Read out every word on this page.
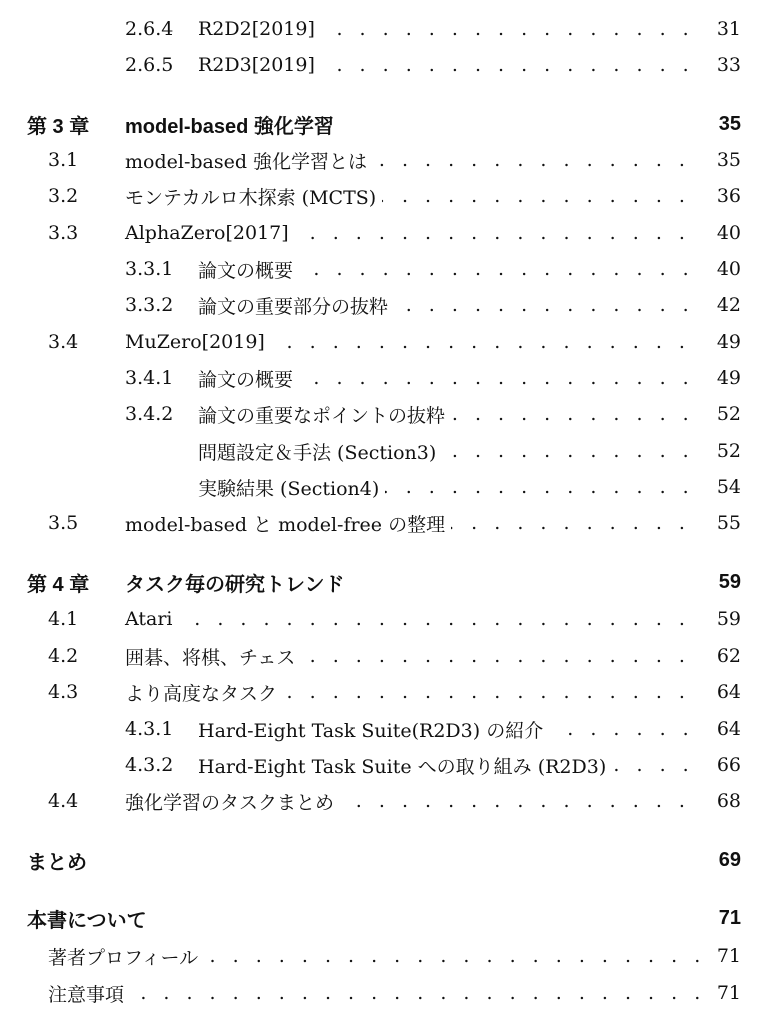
2.6.4 R2D2[2019] . . .	31
2.6.5 R2D3[2019] . . .	33
第 3 章 model-based 強化学習	35
3.1 model-based 強化学習とは . . .	35
3.2 モンテカルロ木探索 (MCTS) . . .	36
3.3 AlphaZero[2017] . . .	40
3.3.1 論文の概要 . . .	40
3.3.2 論文の重要部分の抜粋 . . .	42
3.4 MuZero[2019] . . .	49
3.4.1 論文の概要 . . .	49
3.4.2 論文の重要なポイントの抜粋 . . .	52
問題設定＆手法 (Section3) . . .	52
実験結果 (Section4) . . .	54
3.5 model-based と model-free の整理 . . .	55
第 4 章 タスク毎の研究トレンド	59
4.1 Atari . . .	59
4.2 囲碁、将棋、チェス . . .	62
4.3 より高度なタスク . . .	64
4.3.1 Hard-Eight Task Suite(R2D3) の紹介 . . .	64
4.3.2 Hard-Eight Task Suite への取り組み (R2D3) . . .	66
4.4 強化学習のタスクまとめ . . .	68
まとめ	69
本書について	71
著者プロフィール . . .	71
注意事項 . . .	71
